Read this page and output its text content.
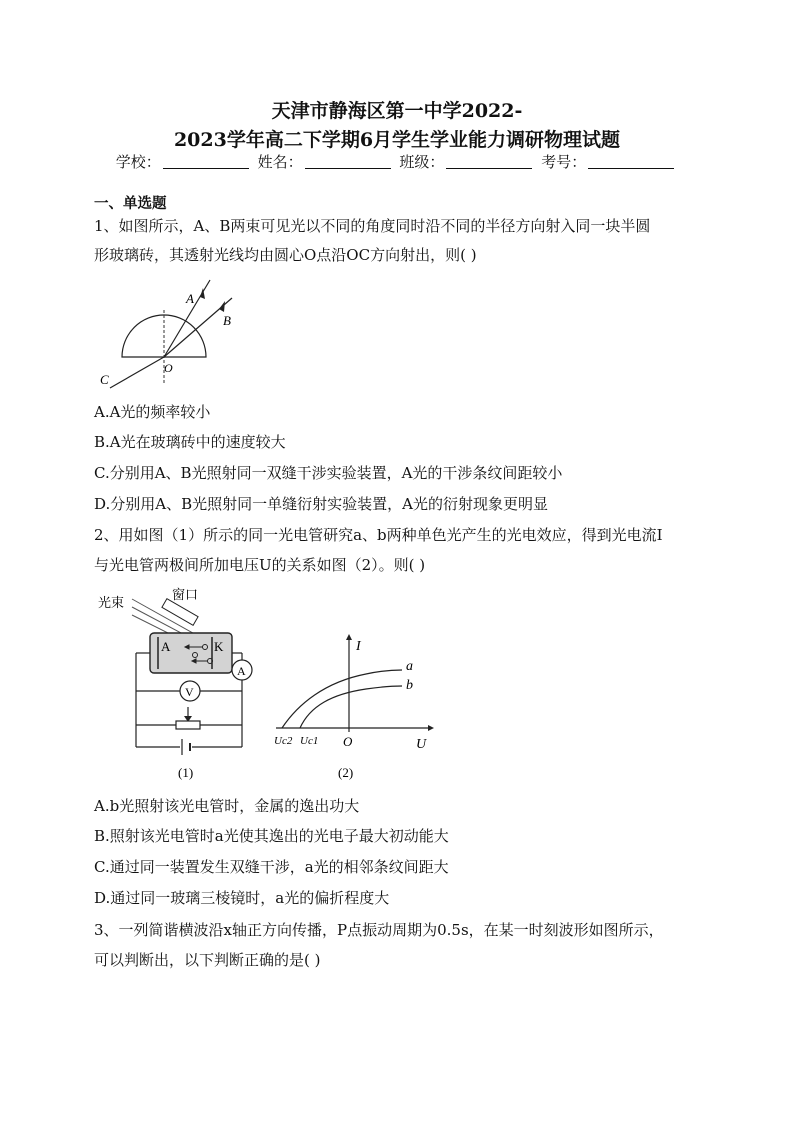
天津市静海区第一中学2022-
2023学年高二下学期6月学生学业能力调研物理试题
学校：	姓名：	班级：	考号：
一、单选题
1、如图所示，A、B两束可见光以不同的角度同时沿不同的半径方向射入同一块半圆
形玻璃砖，其透射光线均由圆心O点沿OC方向射出，则( )
A
B
C
O
A.A光的频率较小
B.A光在玻璃砖中的速度较大
C.分别用A、B光照射同一双缝干涉实验装置，A光的干涉条纹间距较小
D.分别用A、B光照射同一单缝衍射实验装置，A光的衍射现象更明显
2、用如图（1）所示的同一光电管研究a、b两种单色光产生的光电效应，得到光电流I
与光电管两极间所加电压U的关系如图（2）。则( )
光束
窗口
A	K
A
V
(1)
I
U
O
a
b
Uc2 Uc1
(2)
A.b光照射该光电管时，金属的逸出功大
B.照射该光电管时a光使其逸出的光电子最大初动能大
C.通过同一装置发生双缝干涉，a光的相邻条纹间距大
D.通过同一玻璃三棱镜时，a光的偏折程度大
3、一列简谐横波沿x轴正方向传播，P点振动周期为0.5s，在某一时刻波形如图所示，
可以判断出，以下判断正确的是( )
